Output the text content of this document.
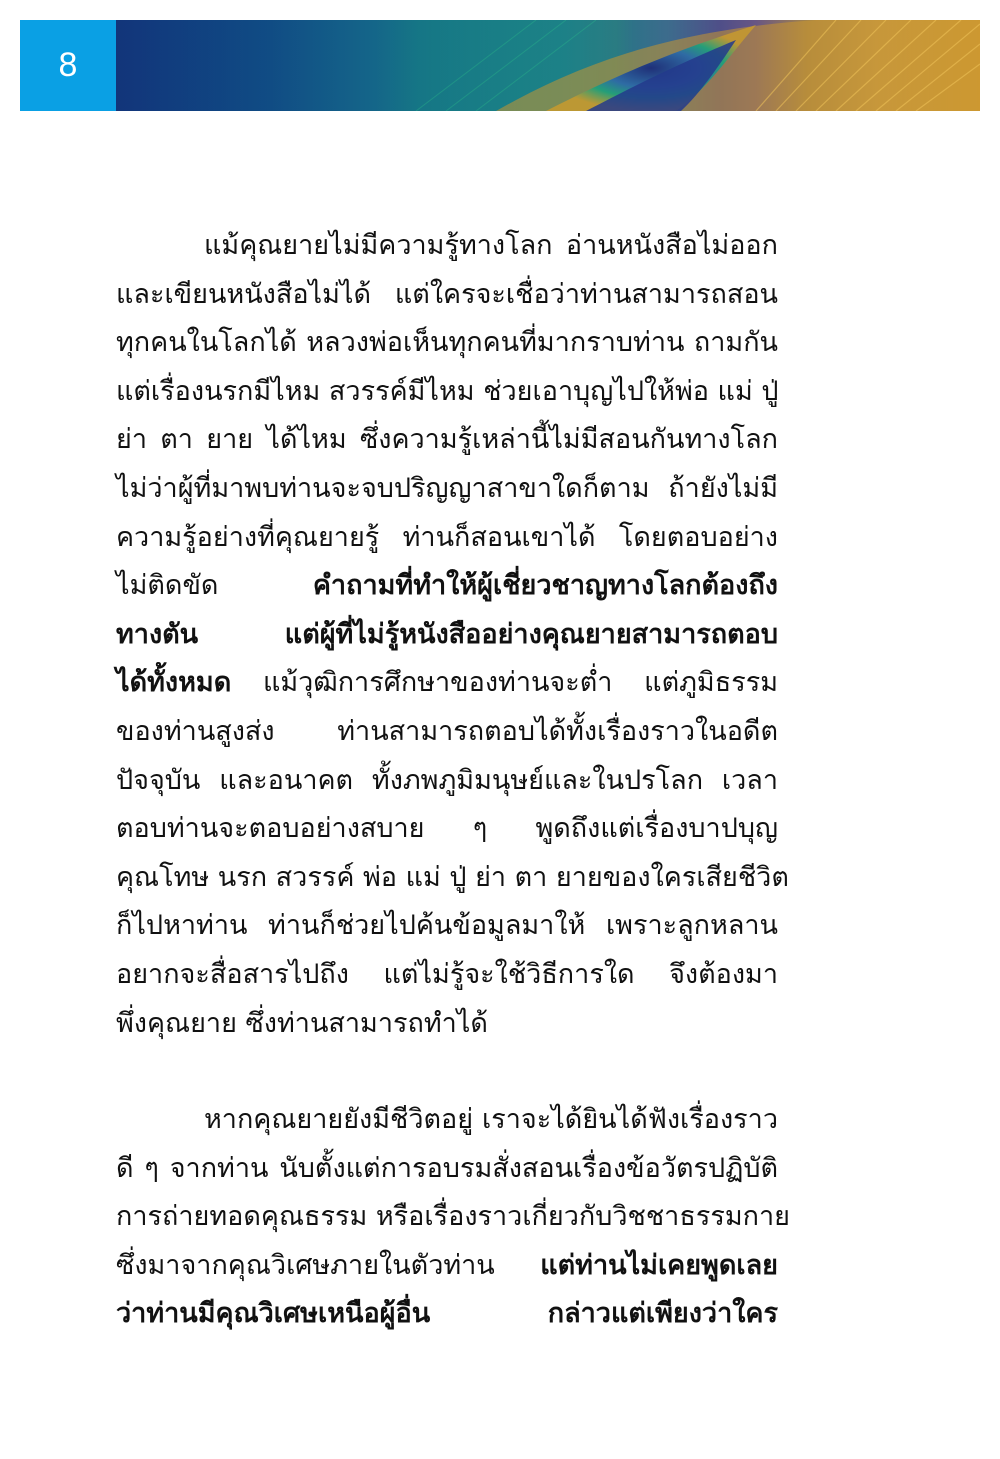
8

แม้คุณยายไม่มีความรู้ทางโลก อ่านหนังสือไม่ออก
และเขียนหนังสือไม่ได้ แต่ใครจะเชื่อว่าท่านสามารถสอน
ทุกคนในโลกได้ หลวงพ่อเห็นทุกคนที่มากราบท่าน ถามกัน
แต่เรื่องนรกมีไหม สวรรค์มีไหม ช่วยเอาบุญไปให้พ่อ แม่ ปู่
ย่า ตา ยาย ได้ไหม ซึ่งความรู้เหล่านี้ไม่มีสอนกันทางโลก
ไม่ว่าผู้ที่มาพบท่านจะจบปริญญาสาขาใดก็ตาม ถ้ายังไม่มี
ความรู้อย่างที่คุณยายรู้ ท่านก็สอนเขาได้ โดยตอบอย่าง
ไม่ติดขัด คำถามที่ทำให้ผู้เชี่ยวชาญทางโลกต้องถึง
ทางตัน แต่ผู้ที่ไม่รู้หนังสืออย่างคุณยายสามารถตอบ
ได้ทั้งหมด แม้วุฒิการศึกษาของท่านจะต่ำ แต่ภูมิธรรม
ของท่านสูงส่ง ท่านสามารถตอบได้ทั้งเรื่องราวในอดีต
ปัจจุบัน และอนาคต ทั้งภพภูมิมนุษย์และในปรโลก เวลา
ตอบท่านจะตอบอย่างสบาย ๆ พูดถึงแต่เรื่องบาปบุญ
คุณโทษ นรก สวรรค์ พ่อ แม่ ปู่ ย่า ตา ยายของใครเสียชีวิต
ก็ไปหาท่าน ท่านก็ช่วยไปค้นข้อมูลมาให้ เพราะลูกหลาน
อยากจะสื่อสารไปถึง แต่ไม่รู้จะใช้วิธีการใด จึงต้องมา
พึ่งคุณยาย ซึ่งท่านสามารถทำได้

หากคุณยายยังมีชีวิตอยู่ เราจะได้ยินได้ฟังเรื่องราว
ดี ๆ จากท่าน นับตั้งแต่การอบรมสั่งสอนเรื่องข้อวัตรปฏิบัติ
การถ่ายทอดคุณธรรม หรือเรื่องราวเกี่ยวกับวิชชาธรรมกาย
ซึ่งมาจากคุณวิเศษภายในตัวท่าน แต่ท่านไม่เคยพูดเลย
ว่าท่านมีคุณวิเศษเหนือผู้อื่น กล่าวแต่เพียงว่าใคร
